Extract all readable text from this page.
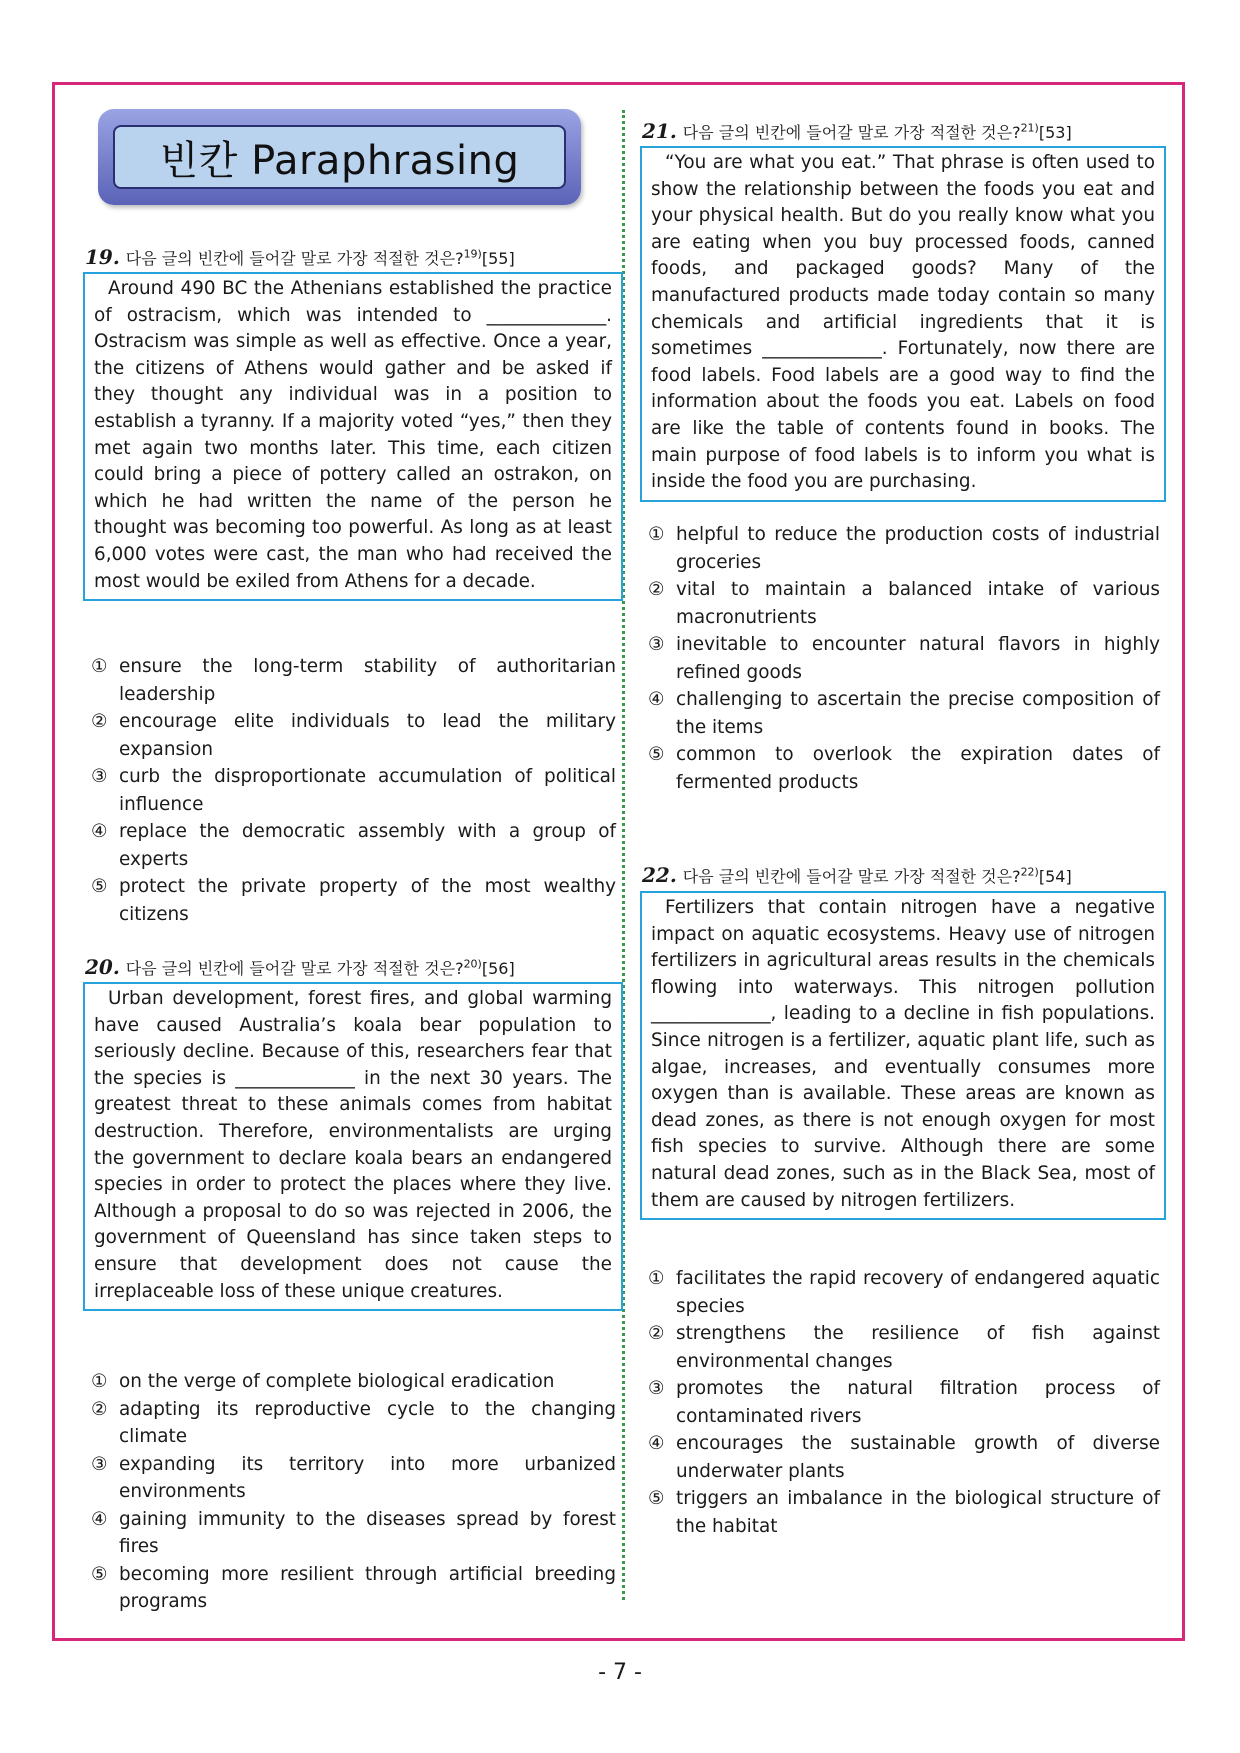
빈칸 Paraphrasing
19. 다음 글의 빈칸에 들어갈 말로 가장 적절한 것은?$^{19)}$[55]
Around 490 BC the Athenians established the practice of ostracism, which was intended to _____________. Ostracism was simple as well as effective. Once a year, the citizens of Athens would gather and be asked if they thought any individual was in a position to establish a tyranny. If a majority voted “yes,” then they met again two months later. This time, each citizen could bring a piece of pottery called an ostrakon, on which he had written the name of the person he thought was becoming too powerful. As long as at least 6,000 votes were cast, the man who had received the most would be exiled from Athens for a decade.
① ensure the long-term stability of authoritarian leadership
② encourage elite individuals to lead the military expansion
③ curb the disproportionate accumulation of political influence
④ replace the democratic assembly with a group of experts
⑤ protect the private property of the most wealthy citizens
20. 다음 글의 빈칸에 들어갈 말로 가장 적절한 것은?$^{20)}$[56]
Urban development, forest fires, and global warming have caused Australia’s koala bear population to seriously decline. Because of this, researchers fear that the species is _____________ in the next 30 years. The greatest threat to these animals comes from habitat destruction. Therefore, environmentalists are urging the government to declare koala bears an endangered species in order to protect the places where they live. Although a proposal to do so was rejected in 2006, the government of Queensland has since taken steps to ensure that development does not cause the irreplaceable loss of these unique creatures.
① on the verge of complete biological eradication
② adapting its reproductive cycle to the changing climate
③ expanding its territory into more urbanized environments
④ gaining immunity to the diseases spread by forest fires
⑤ becoming more resilient through artificial breeding programs
21. 다음 글의 빈칸에 들어갈 말로 가장 적절한 것은?$^{21)}$[53]
“You are what you eat.” That phrase is often used to show the relationship between the foods you eat and your physical health. But do you really know what you are eating when you buy processed foods, canned foods, and packaged goods? Many of the manufactured products made today contain so many chemicals and artificial ingredients that it is sometimes _____________. Fortunately, now there are food labels. Food labels are a good way to find the information about the foods you eat. Labels on food are like the table of contents found in books. The main purpose of food labels is to inform you what is inside the food you are purchasing.
① helpful to reduce the production costs of industrial groceries
② vital to maintain a balanced intake of various macronutrients
③ inevitable to encounter natural flavors in highly refined goods
④ challenging to ascertain the precise composition of the items
⑤ common to overlook the expiration dates of fermented products
22. 다음 글의 빈칸에 들어갈 말로 가장 적절한 것은?$^{22)}$[54]
Fertilizers that contain nitrogen have a negative impact on aquatic ecosystems. Heavy use of nitrogen fertilizers in agricultural areas results in the chemicals flowing into waterways. This nitrogen pollution _____________, leading to a decline in fish populations. Since nitrogen is a fertilizer, aquatic plant life, such as algae, increases, and eventually consumes more oxygen than is available. These areas are known as dead zones, as there is not enough oxygen for most fish species to survive. Although there are some natural dead zones, such as in the Black Sea, most of them are caused by nitrogen fertilizers.
① facilitates the rapid recovery of endangered aquatic species
② strengthens the resilience of fish against environmental changes
③ promotes the natural filtration process of contaminated rivers
④ encourages the sustainable growth of diverse underwater plants
⑤ triggers an imbalance in the biological structure of the habitat
- 7 -
